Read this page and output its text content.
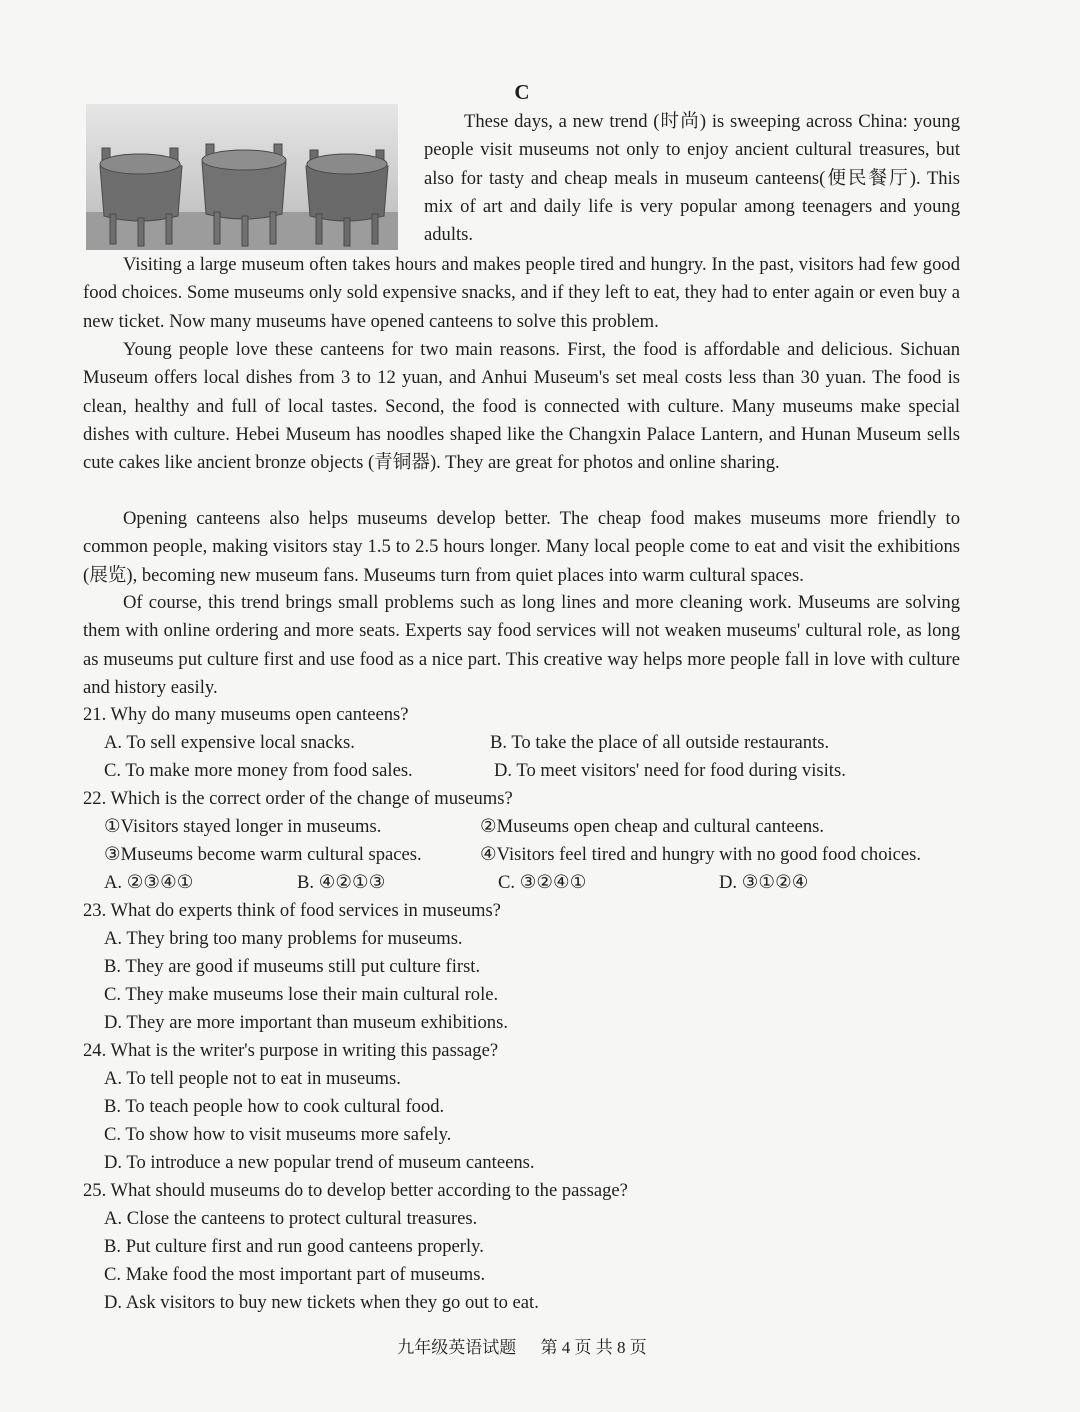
C

These days, a new trend (时尚) is sweeping across China: young people visit museums not only to enjoy ancient cultural treasures, but also for tasty and cheap meals in museum canteens(便民餐厅). This mix of art and daily life is very popular among teenagers and young adults.

Visiting a large museum often takes hours and makes people tired and hungry. In the past, visitors had few good food choices. Some museums only sold expensive snacks, and if they left to eat, they had to enter again or even buy a new ticket. Now many museums have opened canteens to solve this problem.

Young people love these canteens for two main reasons. First, the food is affordable and delicious. Sichuan Museum offers local dishes from 3 to 12 yuan, and Anhui Museum's set meal costs less than 30 yuan. The food is clean, healthy and full of local tastes. Second, the food is connected with culture. Many museums make special dishes with culture. Hebei Museum has noodles shaped like the Changxin Palace Lantern, and Hunan Museum sells cute cakes like ancient bronze objects (青铜器). They are great for photos and online sharing.

Opening canteens also helps museums develop better. The cheap food makes museums more friendly to common people, making visitors stay 1.5 to 2.5 hours longer. Many local people come to eat and visit the exhibitions (展览), becoming new museum fans. Museums turn from quiet places into warm cultural spaces.

Of course, this trend brings small problems such as long lines and more cleaning work. Museums are solving them with online ordering and more seats. Experts say food services will not weaken museums' cultural role, as long as museums put culture first and use food as a nice part. This creative way helps more people fall in love with culture and history easily.

21. Why do many museums open canteens?
A. To sell expensive local snacks.	B. To take the place of all outside restaurants.
C. To make more money from food sales.	D. To meet visitors' need for food during visits.
22. Which is the correct order of the change of museums?
①Visitors stayed longer in museums.	②Museums open cheap and cultural canteens.
③Museums become warm cultural spaces.	④Visitors feel tired and hungry with no good food choices.
A. ②③④①	B. ④②①③	C. ③②④①	D. ③①②④
23. What do experts think of food services in museums?
A. They bring too many problems for museums.
B. They are good if museums still put culture first.
C. They make museums lose their main cultural role.
D. They are more important than museum exhibitions.
24. What is the writer's purpose in writing this passage?
A. To tell people not to eat in museums.
B. To teach people how to cook cultural food.
C. To show how to visit museums more safely.
D. To introduce a new popular trend of museum canteens.
25. What should museums do to develop better according to the passage?
A. Close the canteens to protect cultural treasures.
B. Put culture first and run good canteens properly.
C. Make food the most important part of museums.
D. Ask visitors to buy new tickets when they go out to eat.
九年级英语试题 第 4 页 共 8 页
